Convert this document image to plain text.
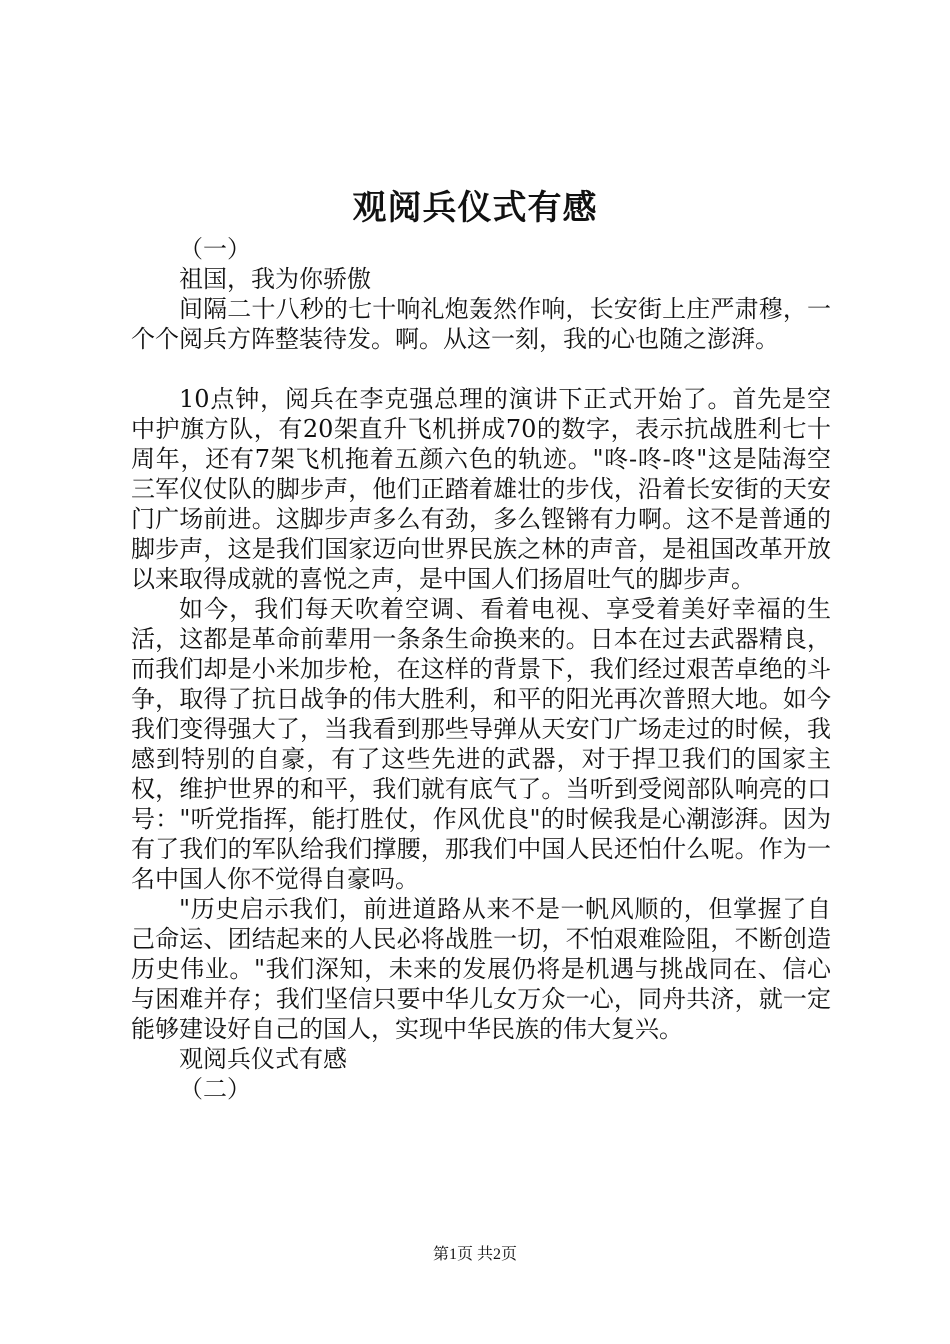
观阅兵仪式有感

（一）

祖国，我为你骄傲

间隔二十八秒的七十响礼炮轰然作响，长安街上庄严肃穆，一个个阅兵方阵整装待发。啊。从这一刻，我的心也随之澎湃。

10点钟，阅兵在李克强总理的演讲下正式开始了。首先是空中护旗方队，有20架直升飞机拼成70的数字，表示抗战胜利七十周年，还有7架飞机拖着五颜六色的轨迹。"咚-咚-咚"这是陆海空三军仪仗队的脚步声，他们正踏着雄壮的步伐，沿着长安街的天安门广场前进。这脚步声多么有劲，多么铿锵有力啊。这不是普通的脚步声，这是我们国家迈向世界民族之林的声音，是祖国改革开放以来取得成就的喜悦之声，是中国人们扬眉吐气的脚步声。

如今，我们每天吹着空调、看着电视、享受着美好幸福的生活，这都是革命前辈用一条条生命换来的。日本在过去武器精良，而我们却是小米加步枪，在这样的背景下，我们经过艰苦卓绝的斗争，取得了抗日战争的伟大胜利，和平的阳光再次普照大地。如今我们变得强大了，当我看到那些导弹从天安门广场走过的时候，我感到特别的自豪，有了这些先进的武器，对于捍卫我们的国家主权，维护世界的和平，我们就有底气了。当听到受阅部队响亮的口号："听党指挥，能打胜仗，作风优良"的时候我是心潮澎湃。因为有了我们的军队给我们撑腰，那我们中国人民还怕什么呢。作为一名中国人你不觉得自豪吗。

"历史启示我们，前进道路从来不是一帆风顺的，但掌握了自己命运、团结起来的人民必将战胜一切，不怕艰难险阻，不断创造历史伟业。"我们深知，未来的发展仍将是机遇与挑战同在、信心与困难并存；我们坚信只要中华儿女万众一心，同舟共济，就一定能够建设好自己的国人，实现中华民族的伟大复兴。

观阅兵仪式有感

（二）

第1页 共2页
